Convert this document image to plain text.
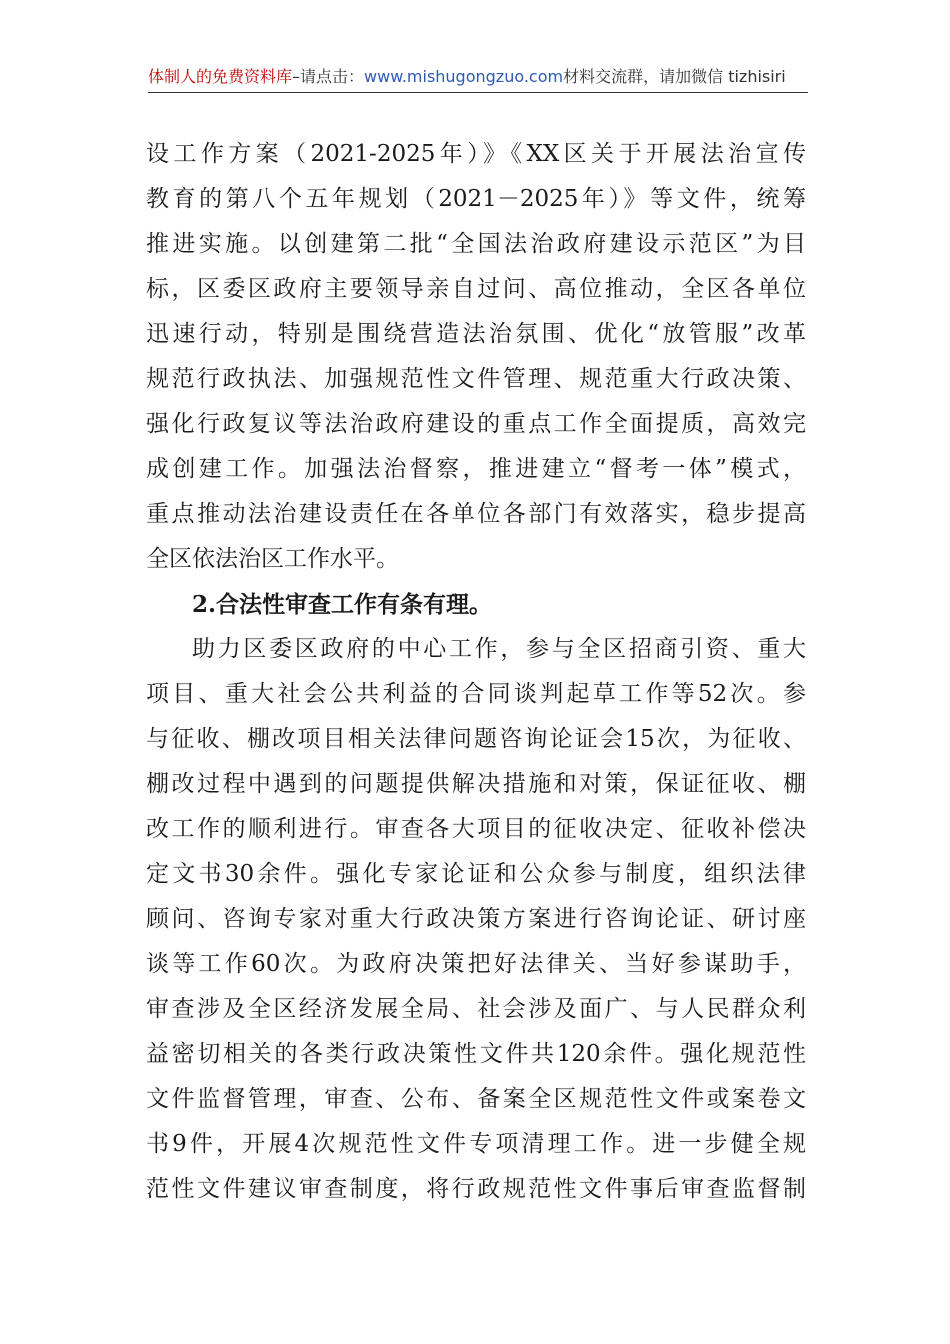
体制人的免费资料库–请点击：www.mishugongzuo.com材料交流群，请加微信 tizhisiri
设工作方案（2021-2025年）》《XX区关于开展法治宣传
教育的第八个五年规划（2021－2025年）》等文件，统筹
推进实施。以创建第二批“全国法治政府建设示范区”为目
标，区委区政府主要领导亲自过问、高位推动，全区各单位
迅速行动，特别是围绕营造法治氛围、优化“放管服”改革
规范行政执法、加强规范性文件管理、规范重大行政决策、
强化行政复议等法治政府建设的重点工作全面提质，高效完
成创建工作。加强法治督察，推进建立“督考一体”模式，
重点推动法治建设责任在各单位各部门有效落实，稳步提高
全区依法治区工作水平。
2.合法性审查工作有条有理。
助力区委区政府的中心工作，参与全区招商引资、重大
项目、重大社会公共利益的合同谈判起草工作等52次。参
与征收、棚改项目相关法律问题咨询论证会15次，为征收、
棚改过程中遇到的问题提供解决措施和对策，保证征收、棚
改工作的顺利进行。审查各大项目的征收决定、征收补偿决
定文书30余件。强化专家论证和公众参与制度，组织法律
顾问、咨询专家对重大行政决策方案进行咨询论证、研讨座
谈等工作60次。为政府决策把好法律关、当好参谋助手，
审查涉及全区经济发展全局、社会涉及面广、与人民群众利
益密切相关的各类行政决策性文件共120余件。强化规范性
文件监督管理，审查、公布、备案全区规范性文件或案卷文
书9件，开展4次规范性文件专项清理工作。进一步健全规
范性文件建议审查制度，将行政规范性文件事后审查监督制
